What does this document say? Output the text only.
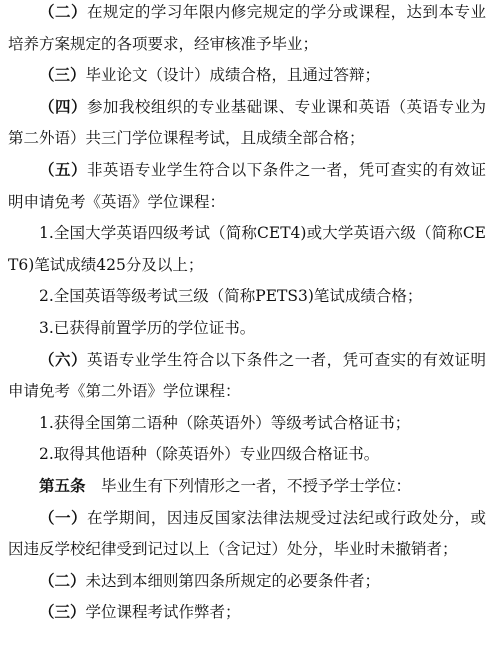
（二）在规定的学习年限内修完规定的学分或课程，达到本专业培养方案规定的各项要求，经审核准予毕业；

（三）毕业论文（设计）成绩合格，且通过答辩；

（四）参加我校组织的专业基础课、专业课和英语（英语专业为第二外语）共三门学位课程考试，且成绩全部合格；

（五）非英语专业学生符合以下条件之一者，凭可查实的有效证明申请免考《英语》学位课程：

1.全国大学英语四级考试（简称CET4)或大学英语六级（简称CET6)笔试成绩425分及以上；

2.全国英语等级考试三级（简称PETS3)笔试成绩合格；

3.已获得前置学历的学位证书。

（六）英语专业学生符合以下条件之一者，凭可查实的有效证明申请免考《第二外语》学位课程：

1.获得全国第二语种（除英语外）等级考试合格证书；

2.取得其他语种（除英语外）专业四级合格证书。

第五条　毕业生有下列情形之一者，不授予学士学位：

（一）在学期间，因违反国家法律法规受过法纪或行政处分，或因违反学校纪律受到记过以上（含记过）处分，毕业时未撤销者；

（二）未达到本细则第四条所规定的必要条件者；

（三）学位课程考试作弊者；
